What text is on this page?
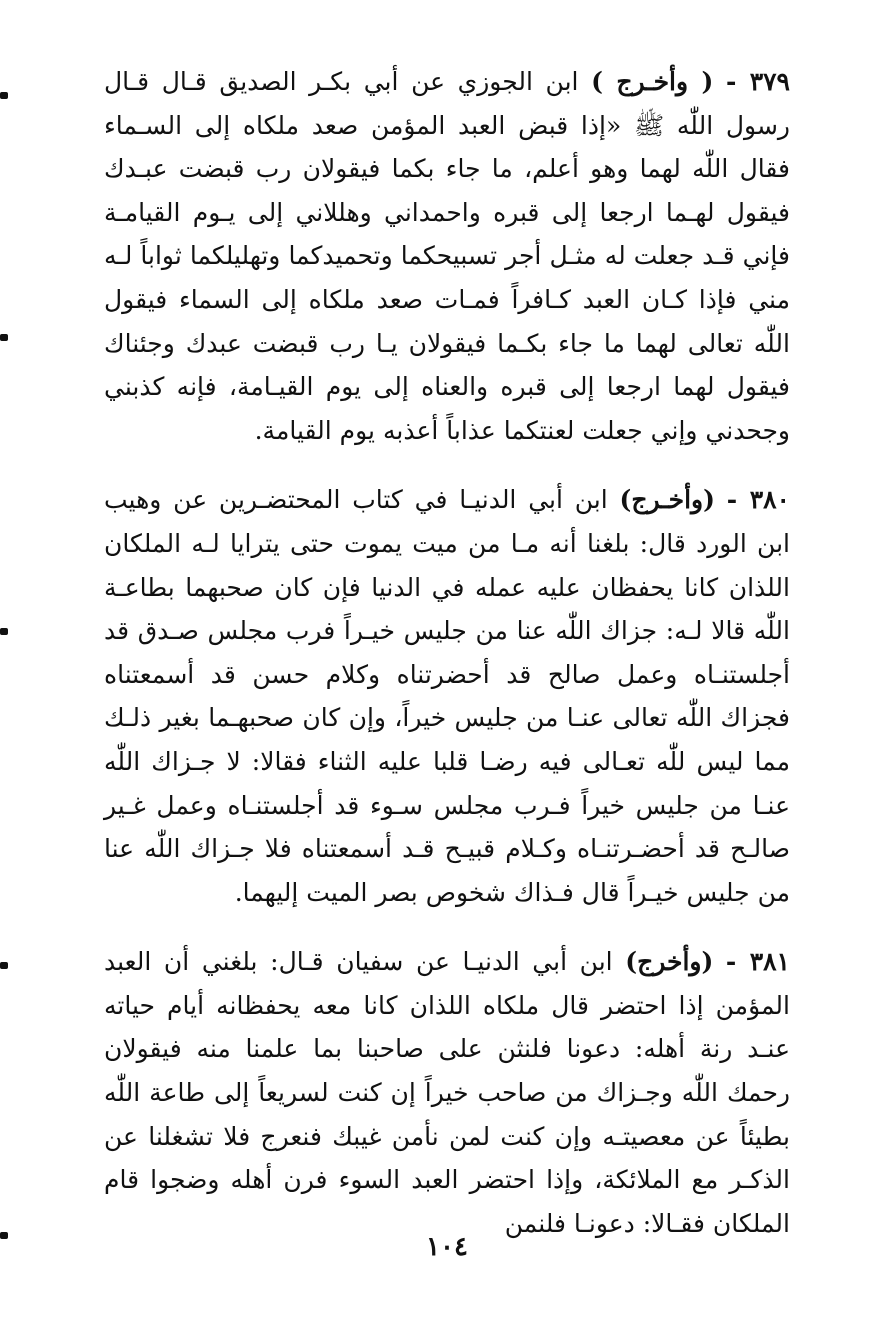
٣٧٩ - ( وأخـرج ) ابن الجوزي عن أبي بكـر الصديق قـال قـال رسول اللّٰه ﷺ «إذا قبض العبد المؤمن صعد ملكاه إلى السـماء فقال اللّٰه لهما وهو أعلم، ما جاء بكما فيقولان رب قبضت عبـدك فيقول لهـما ارجعا إلى قبره واحمداني وهللاني إلى يـوم القيامـة فإني قـد جعلت له مثـل أجر تسبيحكما وتحميدكما وتهليلكما ثواباً لـه مني فإذا كـان العبد كـافراً فمـات صعد ملكاه إلى السماء فيقول اللّٰه تعالى لهما ما جاء بكـما فيقولان يـا رب قبضت عبدك وجئناك فيقول لهما ارجعا إلى قبره والعناه إلى يوم القيـامة، فإنه كذبني وجحدني وإني جعلت لعنتكما عذاباً أعذبه يوم القيامة.

٣٨٠ - (وأخـرج) ابن أبي الدنيـا في كتاب المحتضـرين عن وهيب ابن الورد قال: بلغنا أنه مـا من ميت يموت حتى يترايا لـه الملكان اللذان كانا يحفظان عليه عمله في الدنيا فإن كان صحبهما بطاعـة اللّٰه قالا لـه: جزاك اللّٰه عنا من جليس خيـراً فرب مجلس صـدق قد أجلستنـاه وعمل صالح قد أحضرتناه وكلام حسن قد أسمعتناه فجزاك اللّٰه تعالى عنـا من جليس خيراً، وإن كان صحبهـما بغير ذلـك مما ليس للّٰه تعـالى فيه رضـا قلبا عليه الثناء فقالا: لا جـزاك اللّٰه عنـا من جليس خيراً فـرب مجلس سـوء قد أجلستنـاه وعمل غـير صالـح قد أحضـرتنـاه وكـلام قبيـح قـد أسمعتناه فلا جـزاك اللّٰه عنا من جليس خيـراً قال فـذاك شخوص بصر الميت إليهما.

٣٨١ - (وأخرج) ابن أبي الدنيـا عن سفيان قـال: بلغني أن العبد المؤمن إذا احتضر قال ملكاه اللذان كانا معه يحفظانه أيام حياته عنـد رنة أهله: دعونا فلنثن على صاحبنا بما علمنا منه فيقولان رحمك اللّٰه وجـزاك من صاحب خيراً إن كنت لسريعاً إلى طاعة اللّٰه بطيئاً عن معصيتـه وإن كنت لمن نأمن غيبك فنعرج فلا تشغلنا عن الذكـر مع الملائكة، وإذا احتضر العبد السوء فرن أهله وضجوا قام الملكان فقـالا: دعونـا فلنمن

١٠٤
